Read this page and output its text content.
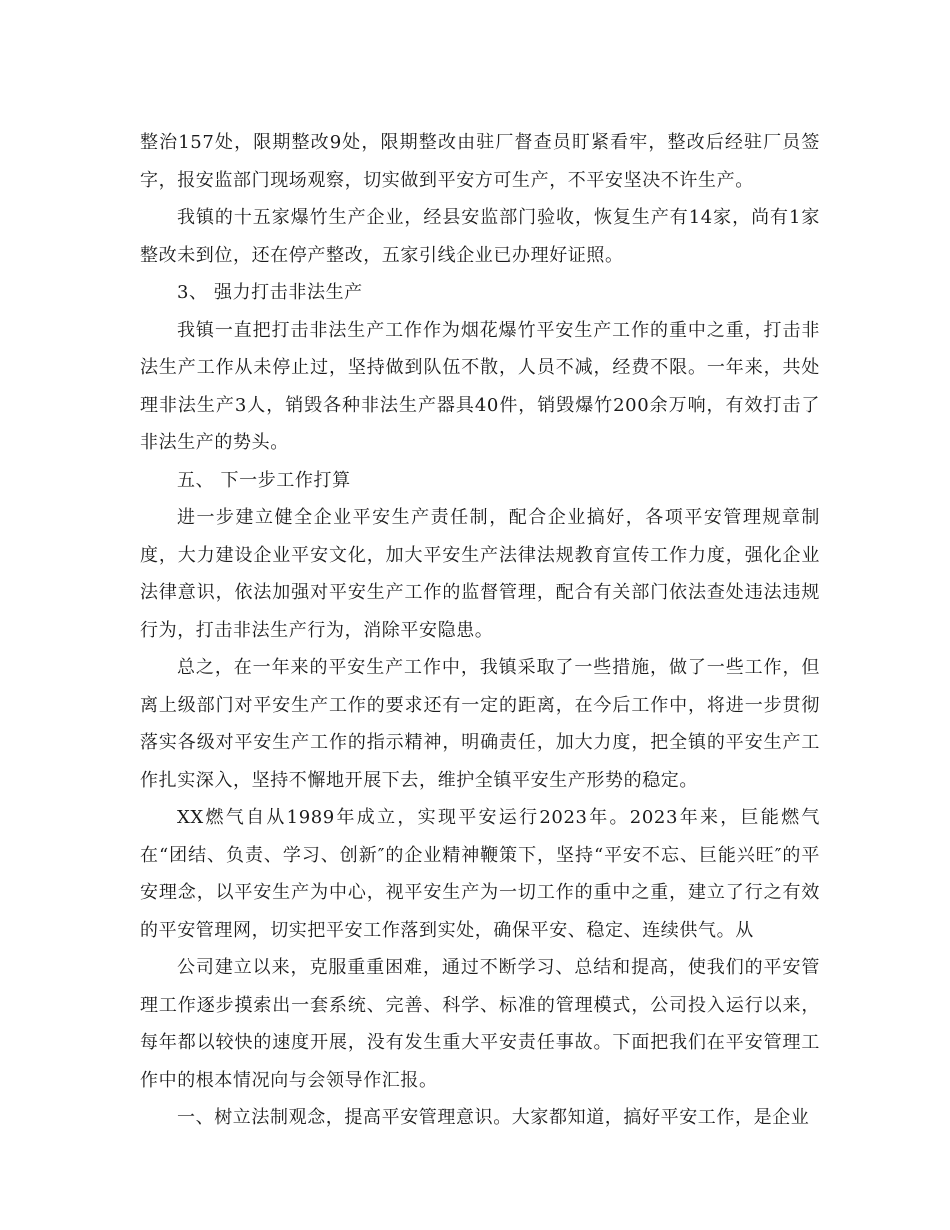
整治157处，限期整改9处，限期整改由驻厂督查员盯紧看牢，整改后经驻厂员签字，报安监部门现场观察，切实做到平安方可生产，不平安坚决不许生产。

我镇的十五家爆竹生产企业，经县安监部门验收，恢复生产有14家，尚有1家整改未到位，还在停产整改，五家引线企业已办理好证照。

3、 强力打击非法生产

我镇一直把打击非法生产工作作为烟花爆竹平安生产工作的重中之重，打击非法生产工作从未停止过，坚持做到队伍不散，人员不减，经费不限。一年来，共处理非法生产3人，销毁各种非法生产器具40件，销毁爆竹200余万响，有效打击了非法生产的势头。

五、 下一步工作打算

进一步建立健全企业平安生产责任制，配合企业搞好，各项平安管理规章制度，大力建设企业平安文化，加大平安生产法律法规教育宣传工作力度，强化企业法律意识，依法加强对平安生产工作的监督管理，配合有关部门依法查处违法违规行为，打击非法生产行为，消除平安隐患。

总之，在一年来的平安生产工作中，我镇采取了一些措施，做了一些工作，但离上级部门对平安生产工作的要求还有一定的距离，在今后工作中，将进一步贯彻落实各级对平安生产工作的指示精神，明确责任，加大力度，把全镇的平安生产工作扎实深入，坚持不懈地开展下去，维护全镇平安生产形势的稳定。

XX燃气自从1989年成立，实现平安运行2023年。2023年来，巨能燃气在“团结、负责、学习、创新″的企业精神鞭策下，坚持“平安不忘、巨能兴旺″的平安理念，以平安生产为中心，视平安生产为一切工作的重中之重，建立了行之有效的平安管理网，切实把平安工作落到实处，确保平安、稳定、连续供气。从

公司建立以来，克服重重困难，通过不断学习、总结和提高，使我们的平安管理工作逐步摸索出一套系统、完善、科学、标准的管理模式，公司投入运行以来，每年都以较快的速度开展，没有发生重大平安责任事故。下面把我们在平安管理工作中的根本情况向与会领导作汇报。

一、树立法制观念，提高平安管理意识。大家都知道，搞好平安工作，是企业
